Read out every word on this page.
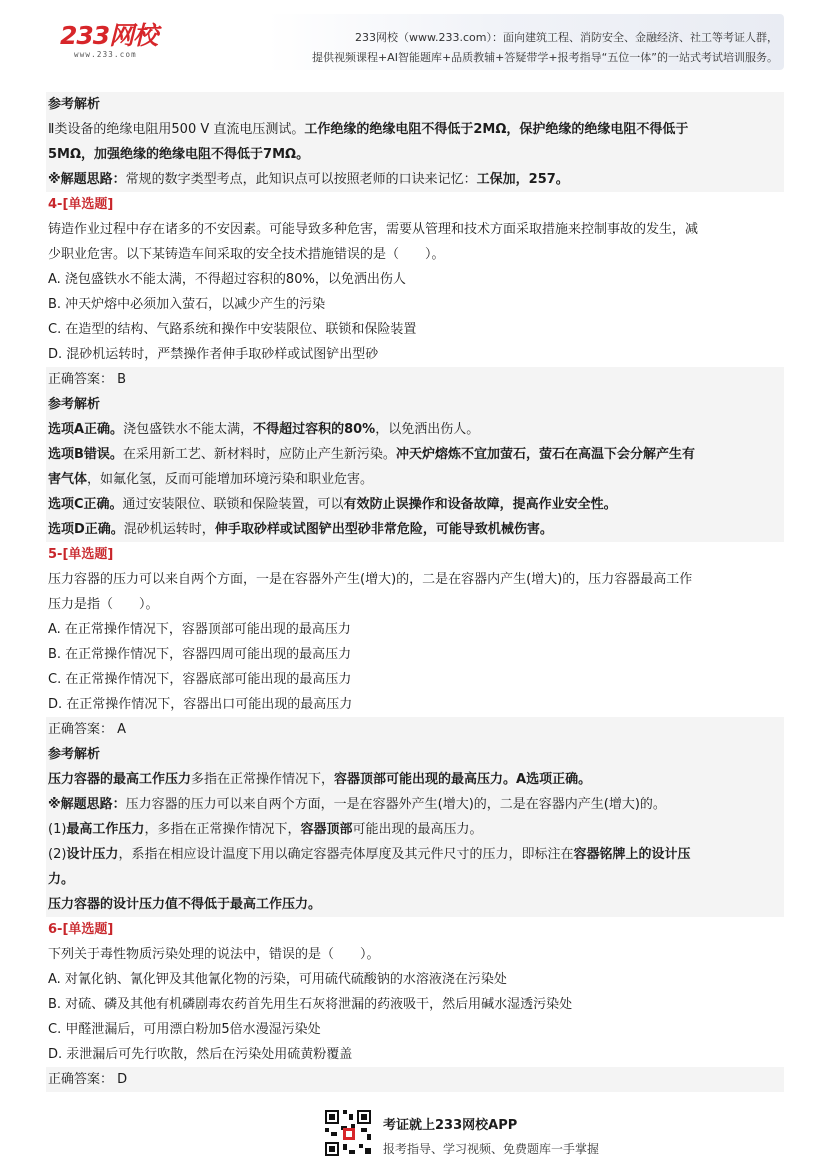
233网校
www.233.com
233网校（www.233.com）：面向建筑工程、消防安全、金融经济、社工等考证人群，
提供视频课程+AI智能题库+品质教辅+答疑带学+报考指导“五位一体”的一站式考试培训服务。
参考解析
Ⅱ类设备的绝缘电阻用500 V 直流电压测试。工作绝缘的绝缘电阻不得低于2MΩ，保护绝缘的绝缘电阻不得低于
5MΩ，加强绝缘的绝缘电阻不得低于7MΩ。
※解题思路：常规的数字类型考点，此知识点可以按照老师的口诀来记忆：工保加，257。
4-[单选题]
铸造作业过程中存在诸多的不安因素。可能导致多种危害，需要从管理和技术方面采取措施来控制事故的发生，减
少职业危害。以下某铸造车间采取的安全技术措施错误的是（　　）。
A. 浇包盛铁水不能太满，不得超过容积的80%，以免洒出伤人
B. 冲天炉熔中必须加入萤石，以减少产生的污染
C. 在造型的结构、气路系统和操作中安装限位、联锁和保险装置
D. 混砂机运转时，严禁操作者伸手取砂样或试图铲出型砂
正确答案： B
参考解析
选项A正确。浇包盛铁水不能太满，不得超过容积的80%，以免洒出伤人。
选项B错误。在采用新工艺、新材料时，应防止产生新污染。冲天炉熔炼不宜加萤石，萤石在高温下会分解产生有
害气体，如氟化氢，反而可能增加环境污染和职业危害。
选项C正确。通过安装限位、联锁和保险装置，可以有效防止误操作和设备故障，提高作业安全性。
选项D正确。混砂机运转时，伸手取砂样或试图铲出型砂非常危险，可能导致机械伤害。
5-[单选题]
压力容器的压力可以来自两个方面，一是在容器外产生(增大)的，二是在容器内产生(增大)的，压力容器最高工作
压力是指（　　）。
A. 在正常操作情况下，容器顶部可能出现的最高压力
B. 在正常操作情况下，容器四周可能出现的最高压力
C. 在正常操作情况下，容器底部可能出现的最高压力
D. 在正常操作情况下，容器出口可能出现的最高压力
正确答案： A
参考解析
压力容器的最高工作压力多指在正常操作情况下，容器顶部可能出现的最高压力。A选项正确。
※解题思路：压力容器的压力可以来自两个方面，一是在容器外产生(增大)的，二是在容器内产生(增大)的。
(1)最高工作压力，多指在正常操作情况下，容器顶部可能出现的最高压力。
(2)设计压力，系指在相应设计温度下用以确定容器壳体厚度及其元件尺寸的压力，即标注在容器铭牌上的设计压
力。
压力容器的设计压力值不得低于最高工作压力。
6-[单选题]
下列关于毒性物质污染处理的说法中，错误的是（　　）。
A. 对氰化钠、氰化钾及其他氰化物的污染，可用硫代硫酸钠的水溶液浇在污染处
B. 对硫、磷及其他有机磷剧毒农药首先用生石灰将泄漏的药液吸干，然后用碱水湿透污染处
C. 甲醛泄漏后，可用漂白粉加5倍水漫湿污染处
D. 汞泄漏后可先行吹散，然后在污染处用硫黄粉覆盖
正确答案： D
考证就上233网校APP
报考指导、学习视频、免费题库一手掌握
